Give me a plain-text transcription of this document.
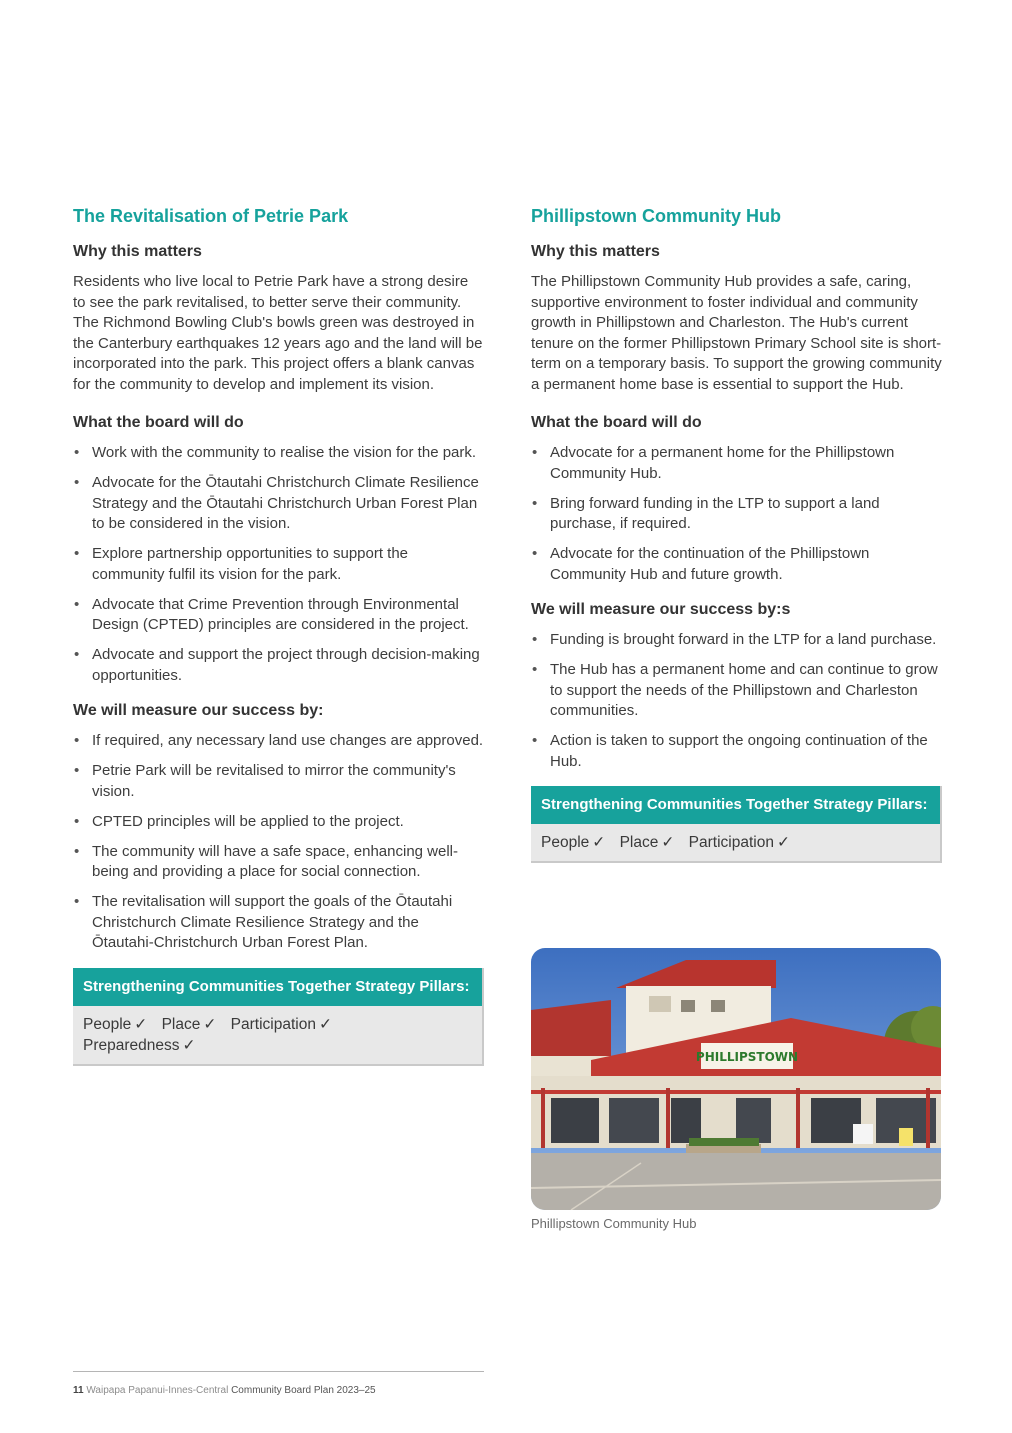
The Revitalisation of Petrie Park
Why this matters

Residents who live local to Petrie Park have a strong desire to see the park revitalised, to better serve their community. The Richmond Bowling Club's bowls green was destroyed in the Canterbury earthquakes 12 years ago and the land will be incorporated into the park. This project offers a blank canvas for the community to develop and implement its vision.

What the board will do
• Work with the community to realise the vision for the park.
• Advocate for the Ōtautahi Christchurch Climate Resilience Strategy and the Ōtautahi Christchurch Urban Forest Plan to be considered in the vision.
• Explore partnership opportunities to support the community fulfil its vision for the park.
• Advocate that Crime Prevention through Environmental Design (CPTED) principles are considered in the project.
• Advocate and support the project through decision-making opportunities.
We will measure our success by:
• If required, any necessary land use changes are approved.
• Petrie Park will be revitalised to mirror the community's vision.
• CPTED principles will be applied to the project.
• The community will have a safe space, enhancing well-being and providing a place for social connection.
• The revitalisation will support the goals of the Ōtautahi Christchurch Climate Resilience Strategy and the Ōtautahi-Christchurch Urban Forest Plan.
Strengthening Communities Together Strategy Pillars:
People ✓ Place ✓ Participation ✓
Preparedness ✓
Phillipstown Community Hub
Why this matters

The Phillipstown Community Hub provides a safe, caring, supportive environment to foster individual and community growth in Phillipstown and Charleston. The Hub's current tenure on the former Phillipstown Primary School site is short-term on a temporary basis. To support the growing community a permanent home base is essential to support the Hub.

What the board will do
• Advocate for a permanent home for the Phillipstown Community Hub.
• Bring forward funding in the LTP to support a land purchase, if required.
• Advocate for the continuation of the Phillipstown Community Hub and future growth.
We will measure our success by:s
• Funding is brought forward in the LTP for a land purchase.
• The Hub has a permanent home and can continue to grow to support the needs of the Phillipstown and Charleston communities.
• Action is taken to support the ongoing continuation of the Hub.
Strengthening Communities Together Strategy Pillars:
People ✓ Place ✓ Participation ✓
PHILLIPSTOWN
Phillipstown Community Hub
11 Waipapa Papanui-Innes-Central Community Board Plan 2023–25
